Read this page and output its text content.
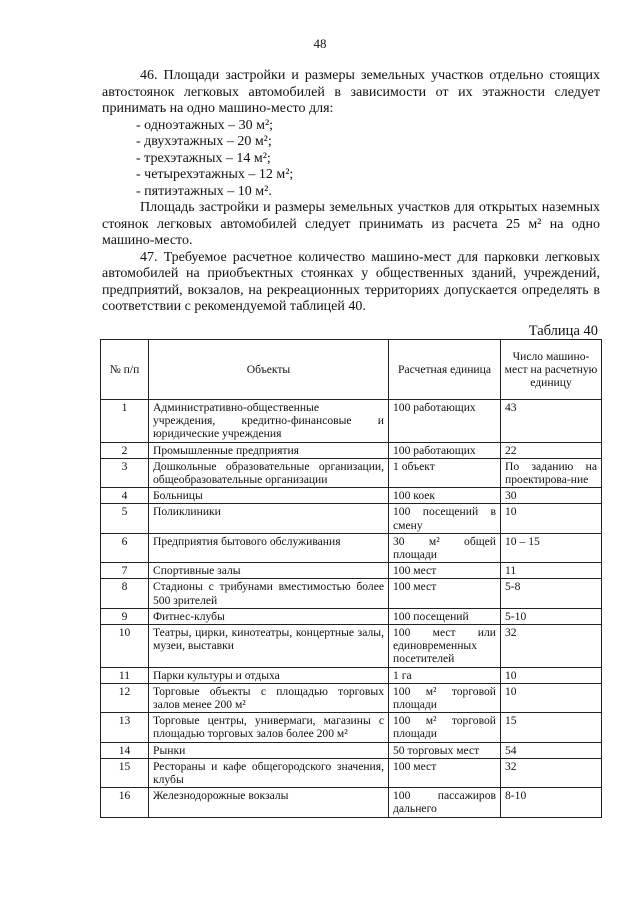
48

46. Площади застройки и размеры земельных участков отдельно стоящих автостоянок легковых автомобилей в зависимости от их этажности следует принимать на одно машино-место для:

- одноэтажных – 30 м²;
- двухэтажных – 20 м²;
- трехэтажных – 14 м²;
- четырехэтажных – 12 м²;
- пятиэтажных – 10 м².

Площадь застройки и размеры земельных участков для открытых наземных стоянок легковых автомобилей следует принимать из расчета 25 м² на одно машино-место.

47. Требуемое расчетное количество машино-мест для парковки легковых автомобилей на приобъектных стоянках у общественных зданий, учреждений, предприятий, вокзалов, на рекреационных территориях допускается определять в соответствии с рекомендуемой таблицей 40.

Таблица 40
№ п/п	Объекты	Расчетная единица	Число машино-мест на расчетную единицу
1	Административно-общественные учреждения, кредитно-финансовые и юридические учреждения	100 работающих	43
2	Промышленные предприятия	100 работающих	22
3	Дошкольные образовательные организации, общеобразовательные организации	1 объект	По заданию на проектирова-ние
4	Больницы	100 коек	30
5	Поликлиники	100 посещений в смену	10
6	Предприятия бытового обслуживания	30 м² общей площади	10 – 15
7	Спортивные залы	100 мест	11
8	Стадионы с трибунами вместимостью более 500 зрителей	100 мест	5-8
9	Фитнес-клубы	100 посещений	5-10
10	Театры, цирки, кинотеатры, концертные залы, музеи, выставки	100 мест или единовременных посетителей	32
11	Парки культуры и отдыха	1 га	10
12	Торговые объекты с площадью торговых залов менее 200 м²	100 м² торговой площади	10
13	Торговые центры, универмаги, магазины с площадью торговых залов более 200 м²	100 м² торговой площади	15
14	Рынки	50 торговых мест	54
15	Рестораны и кафе общегородского значения, клубы	100 мест	32
16	Железнодорожные вокзалы	100 пассажиров дальнего	8-10
